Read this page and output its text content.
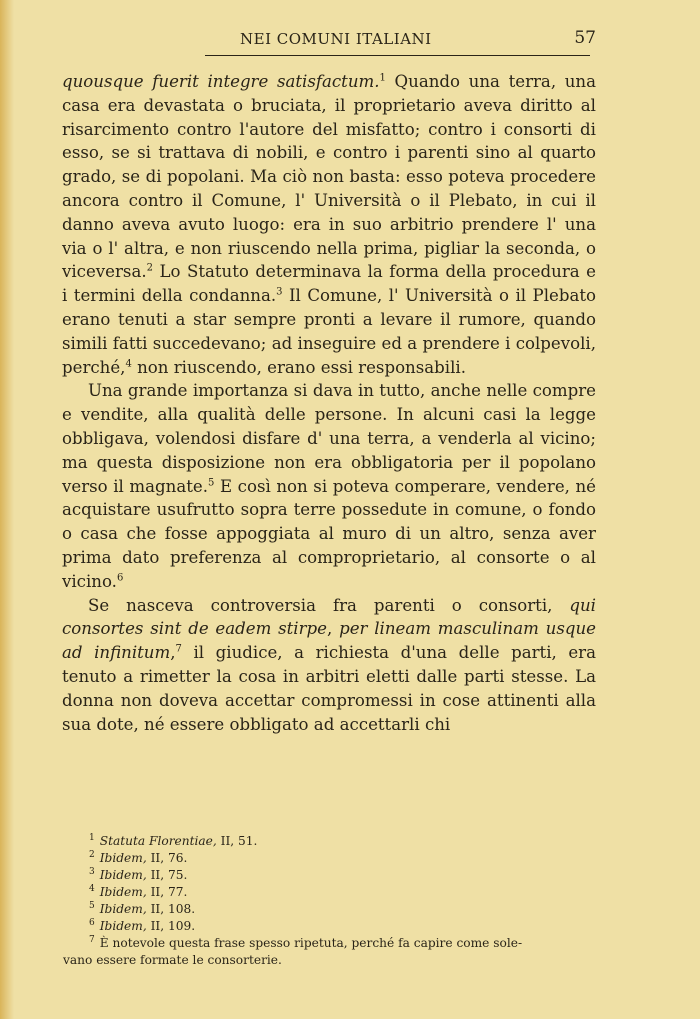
NEI COMUNI ITALIANI	57

quousque fuerit integre satisfactum.$^1$ Quando una terra, una casa era devastata o bruciata, il proprietario aveva diritto al risarcimento contro l'autore del misfatto; contro i consorti di esso, se si trattava di nobili, e contro i parenti sino al quarto grado, se di popolani. Ma ciò non basta: esso poteva procedere ancora contro il Comune, l' Università o il Plebato, in cui il danno aveva avuto luogo: era in suo arbitrio prendere l' una via o l' altra, e non riuscendo nella prima, pigliar la seconda, o viceversa.$^2$ Lo Statuto determinava la forma della procedura e i termini della condanna.$^3$ Il Comune, l' Università o il Plebato erano tenuti a star sempre pronti a levare il rumore, quando simili fatti succedevano; ad inseguire ed a prendere i colpevoli, perché,$^4$ non riuscendo, erano essi responsabili.

Una grande importanza si dava in tutto, anche nelle compre e vendite, alla qualità delle persone. In alcuni casi la legge obbligava, volendosi disfare d' una terra, a venderla al vicino; ma questa disposizione non era obbligatoria per il popolano verso il magnate.$^5$ E così non si poteva comperare, vendere, né acquistare usufrutto sopra terre possedute in comune, o fondo o casa che fosse appoggiata al muro di un altro, senza aver prima dato preferenza al comproprietario, al consorte o al vicino.$^6$

Se nasceva controversia fra parenti o consorti, qui consortes sint de eadem stirpe, per lineam masculinam usque ad infinitum,$^7$ il giudice, a richiesta d'una delle parti, era tenuto a rimetter la cosa in arbitri eletti dalle parti stesse. La donna non doveva accettar compromessi in cose attinenti alla sua dote, né essere obbligato ad accettarli chi

$^1$ Statuta Florentiae, II, 51.

$^2$ Ibidem, II, 76.

$^3$ Ibidem, II, 75.

$^4$ Ibidem, II, 77.

$^5$ Ibidem, II, 108.

$^6$ Ibidem, II, 109.

$^7$ È notevole questa frase spesso ripetuta, perché fa capire come sole-

vano essere formate le consorterie.
